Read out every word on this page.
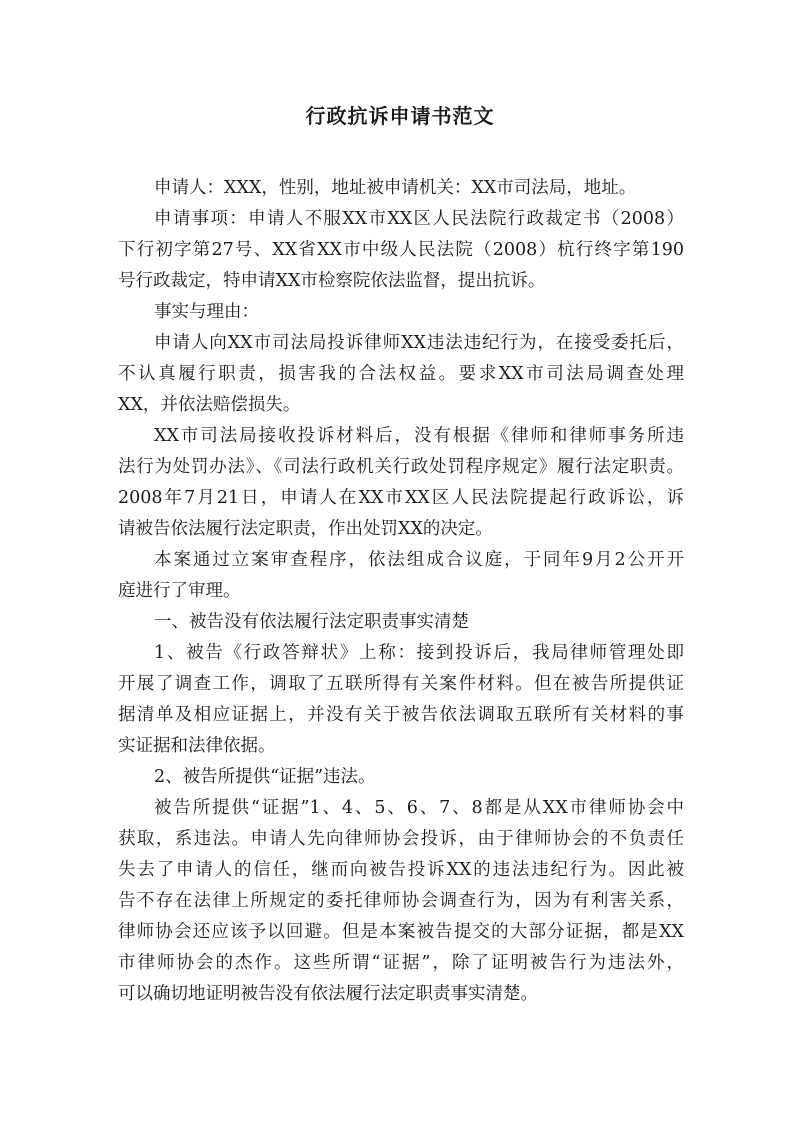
行政抗诉申请书范文
申请人：XXX，性别，地址被申请机关：XX市司法局，地址。
申请事项：申请人不服XX市XX区人民法院行政裁定书（2008）
下行初字第27号、XX省XX市中级人民法院（2008）杭行终字第190
号行政裁定，特申请XX市检察院依法监督，提出抗诉。
事实与理由：
申请人向XX市司法局投诉律师XX违法违纪行为，在接受委托后，
不认真履行职责，损害我的合法权益。要求XX市司法局调查处理
XX，并依法赔偿损失。
XX市司法局接收投诉材料后，没有根据《律师和律师事务所违
法行为处罚办法》、《司法行政机关行政处罚程序规定》履行法定职责。
2008年7月21日，申请人在XX市XX区人民法院提起行政诉讼，诉
请被告依法履行法定职责，作出处罚XX的决定。
本案通过立案审查程序，依法组成合议庭，于同年9月2公开开
庭进行了审理。
一、被告没有依法履行法定职责事实清楚
1、被告《行政答辩状》上称：接到投诉后，我局律师管理处即
开展了调查工作，调取了五联所得有关案件材料。但在被告所提供证
据清单及相应证据上，并没有关于被告依法调取五联所有关材料的事
实证据和法律依据。
2、被告所提供“证据”违法。
被告所提供“证据”1、4、5、6、7、8都是从XX市律师协会中
获取，系违法。申请人先向律师协会投诉，由于律师协会的不负责任
失去了申请人的信任，继而向被告投诉XX的违法违纪行为。因此被
告不存在法律上所规定的委托律师协会调查行为，因为有利害关系，
律师协会还应该予以回避。但是本案被告提交的大部分证据，都是XX
市律师协会的杰作。这些所谓“证据”，除了证明被告行为违法外，
可以确切地证明被告没有依法履行法定职责事实清楚。
